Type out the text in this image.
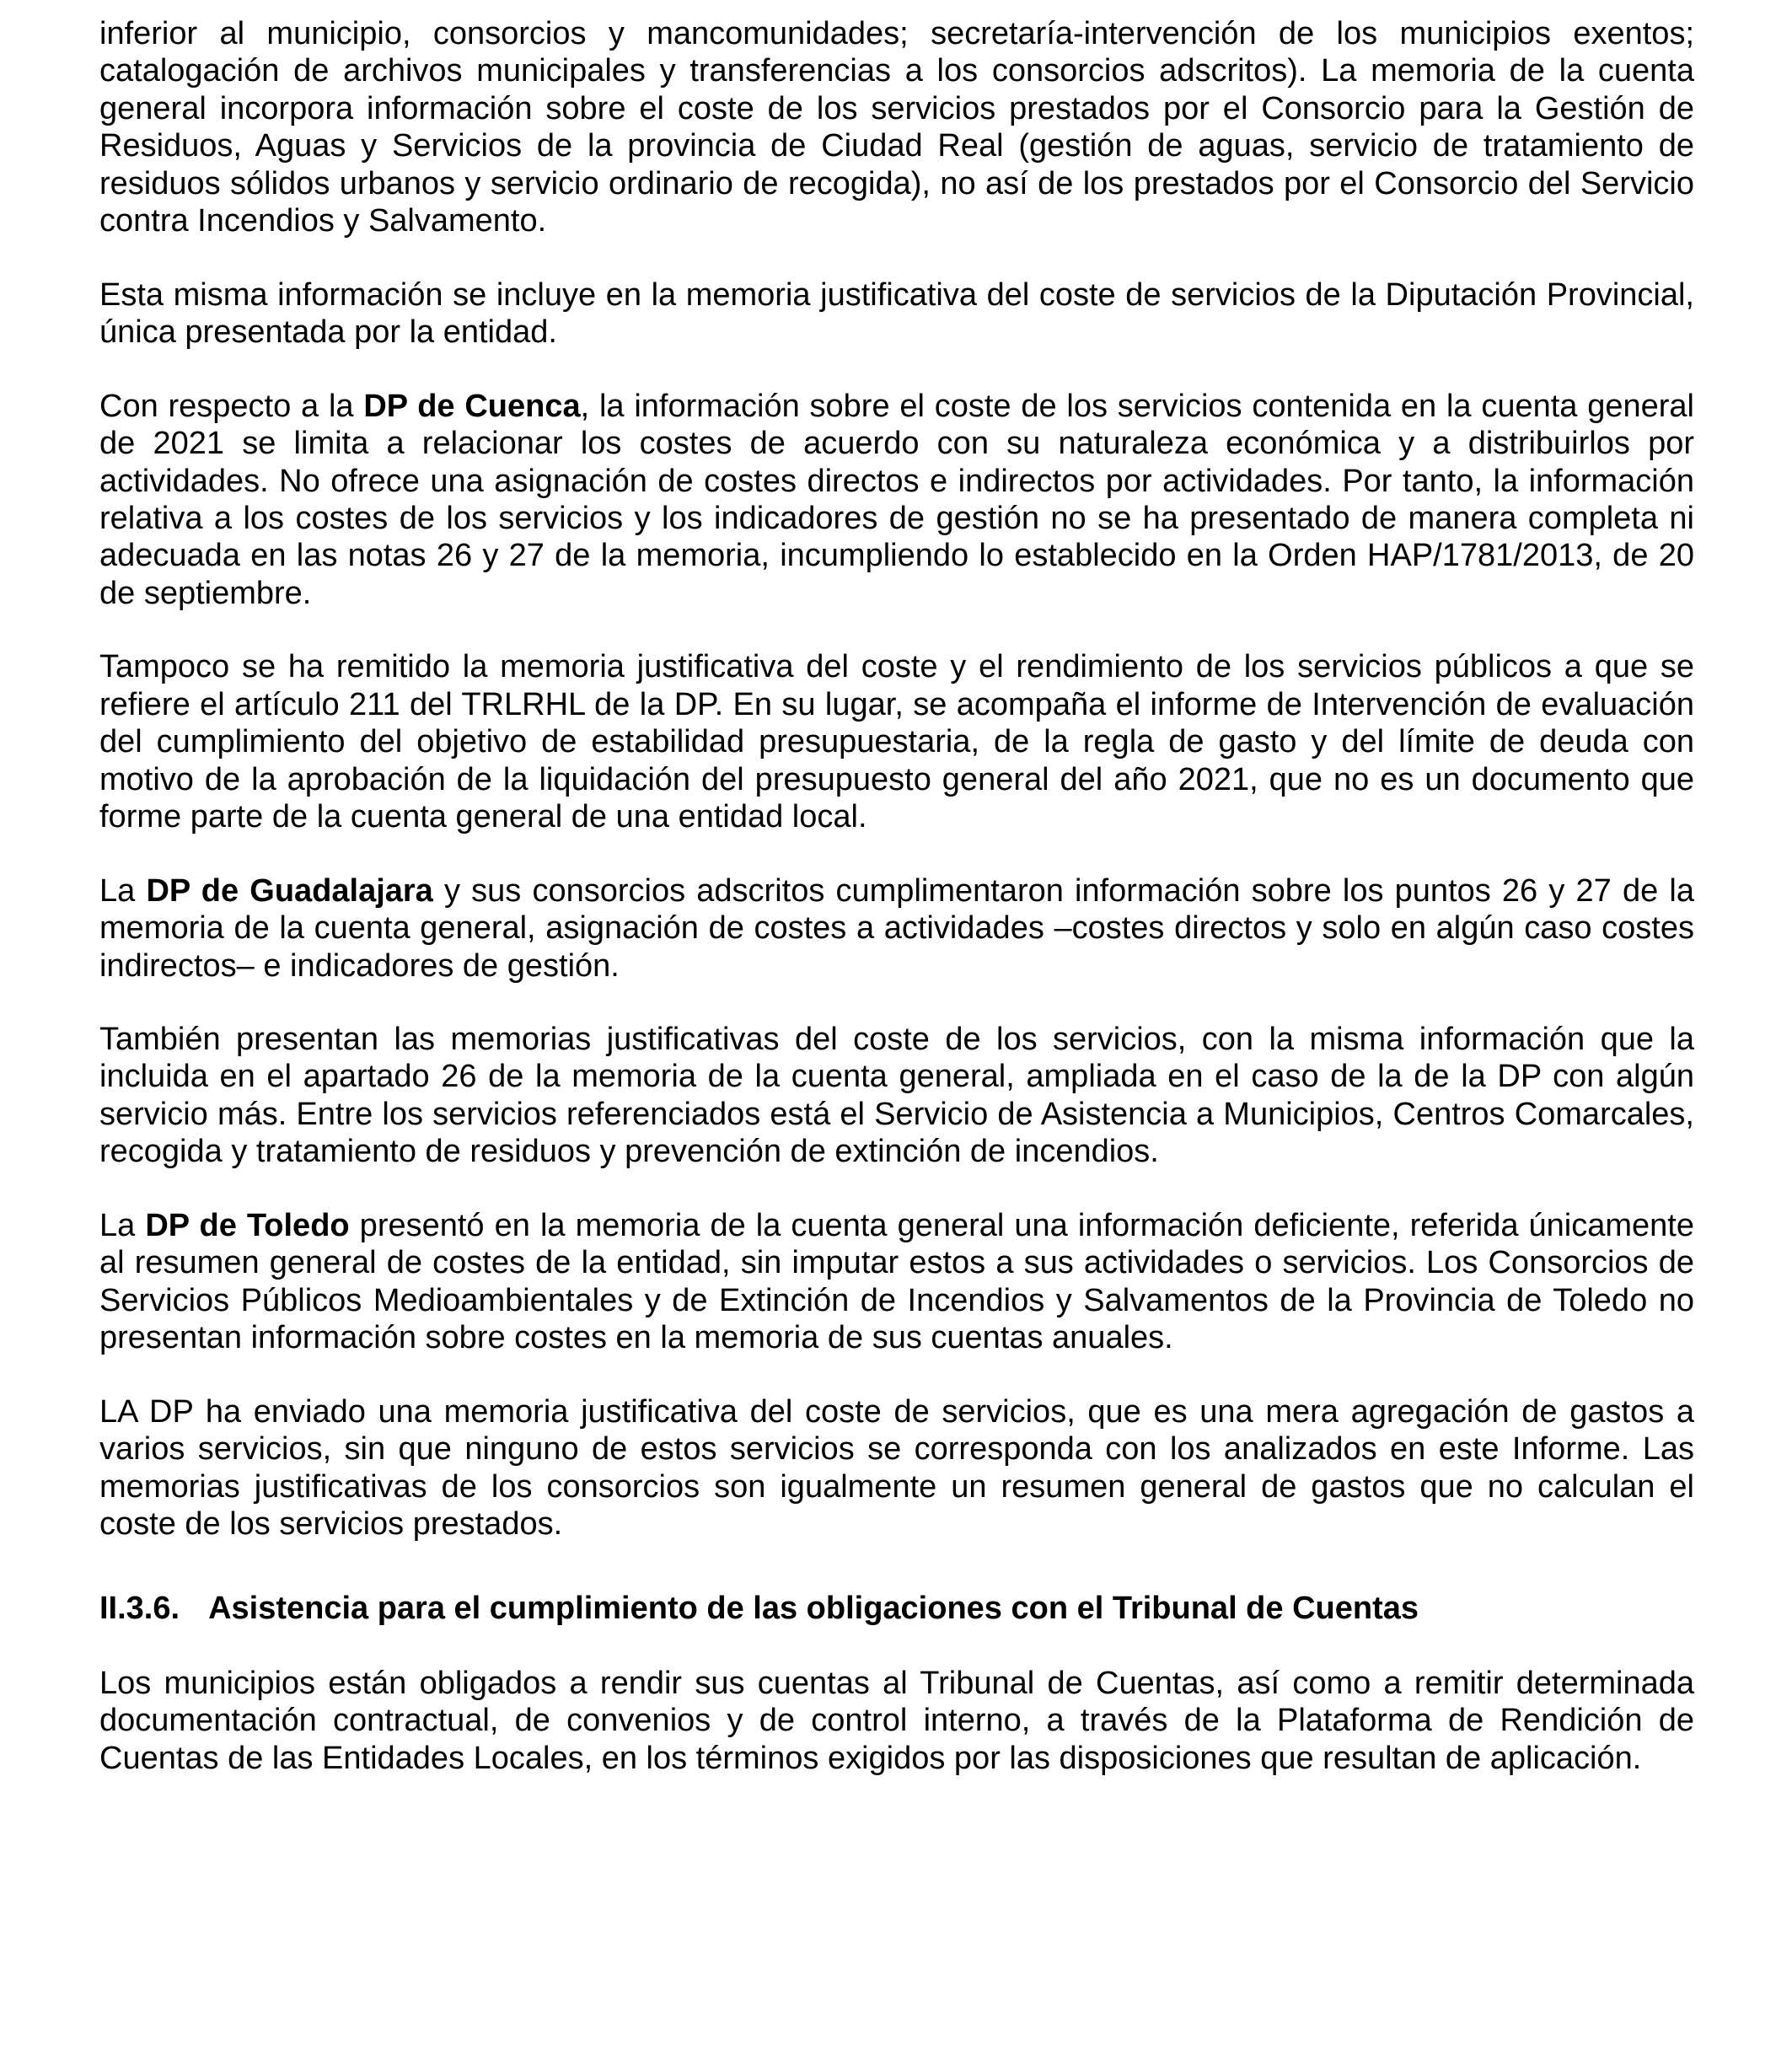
inferior al municipio, consorcios y mancomunidades; secretaría-intervención de los municipios exentos; catalogación de archivos municipales y transferencias a los consorcios adscritos). La memoria de la cuenta general incorpora información sobre el coste de los servicios prestados por el Consorcio para la Gestión de Residuos, Aguas y Servicios de la provincia de Ciudad Real (gestión de aguas, servicio de tratamiento de residuos sólidos urbanos y servicio ordinario de recogida), no así de los prestados por el Consorcio del Servicio contra Incendios y Salvamento.

Esta misma información se incluye en la memoria justificativa del coste de servicios de la Diputación Provincial, única presentada por la entidad.

Con respecto a la DP de Cuenca, la información sobre el coste de los servicios contenida en la cuenta general de 2021 se limita a relacionar los costes de acuerdo con su naturaleza económica y a distribuirlos por actividades. No ofrece una asignación de costes directos e indirectos por actividades. Por tanto, la información relativa a los costes de los servicios y los indicadores de gestión no se ha presentado de manera completa ni adecuada en las notas 26 y 27 de la memoria, incumpliendo lo establecido en la Orden HAP/1781/2013, de 20 de septiembre.

Tampoco se ha remitido la memoria justificativa del coste y el rendimiento de los servicios públicos a que se refiere el artículo 211 del TRLRHL de la DP. En su lugar, se acompaña el informe de Intervención de evaluación del cumplimiento del objetivo de estabilidad presupuestaria, de la regla de gasto y del límite de deuda con motivo de la aprobación de la liquidación del presupuesto general del año 2021, que no es un documento que forme parte de la cuenta general de una entidad local.

La DP de Guadalajara y sus consorcios adscritos cumplimentaron información sobre los puntos 26 y 27 de la memoria de la cuenta general, asignación de costes a actividades –costes directos y solo en algún caso costes indirectos– e indicadores de gestión.

También presentan las memorias justificativas del coste de los servicios, con la misma información que la incluida en el apartado 26 de la memoria de la cuenta general, ampliada en el caso de la de la DP con algún servicio más. Entre los servicios referenciados está el Servicio de Asistencia a Municipios, Centros Comarcales, recogida y tratamiento de residuos y prevención de extinción de incendios.

La DP de Toledo presentó en la memoria de la cuenta general una información deficiente, referida únicamente al resumen general de costes de la entidad, sin imputar estos a sus actividades o servicios. Los Consorcios de Servicios Públicos Medioambientales y de Extinción de Incendios y Salvamentos de la Provincia de Toledo no presentan información sobre costes en la memoria de sus cuentas anuales.

LA DP ha enviado una memoria justificativa del coste de servicios, que es una mera agregación de gastos a varios servicios, sin que ninguno de estos servicios se corresponda con los analizados en este Informe. Las memorias justificativas de los consorcios son igualmente un resumen general de gastos que no calculan el coste de los servicios prestados.

II.3.6. Asistencia para el cumplimiento de las obligaciones con el Tribunal de Cuentas

Los municipios están obligados a rendir sus cuentas al Tribunal de Cuentas, así como a remitir determinada documentación contractual, de convenios y de control interno, a través de la Plataforma de Rendición de Cuentas de las Entidades Locales, en los términos exigidos por las disposiciones que resultan de aplicación.
